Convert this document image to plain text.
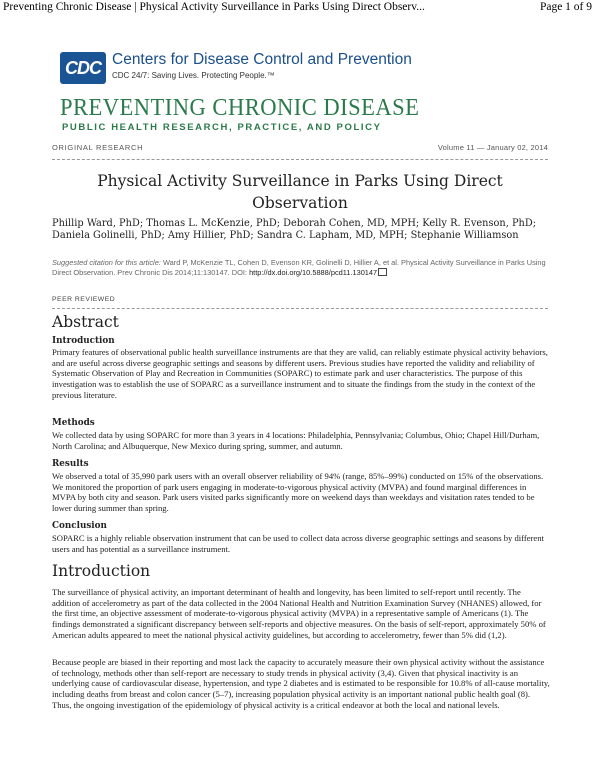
Preventing Chronic Disease | Physical Activity Surveillance in Parks Using Direct Observ...	Page 1 of 9
CDC Centers for Disease Control and Prevention
CDC 24/7: Saving Lives. Protecting People.™
PREVENTING CHRONIC DISEASE
PUBLIC HEALTH RESEARCH, PRACTICE, AND POLICY
ORIGINAL RESEARCH	Volume 11 — January 02, 2014
Physical Activity Surveillance in Parks Using Direct Observation
Phillip Ward, PhD; Thomas L. McKenzie, PhD; Deborah Cohen, MD, MPH; Kelly R. Evenson, PhD; Daniela Golinelli, PhD; Amy Hillier, PhD; Sandra C. Lapham, MD, MPH; Stephanie Williamson
Suggested citation for this article: Ward P, McKenzie TL, Cohen D, Evenson KR, Golinelli D, Hillier A, et al. Physical Activity Surveillance in Parks Using Direct Observation. Prev Chronic Dis 2014;11:130147. DOI: http://dx.doi.org/10.5888/pcd11.130147
PEER REVIEWED
Abstract
Introduction
Primary features of observational public health surveillance instruments are that they are valid, can reliably estimate physical activity behaviors, and are useful across diverse geographic settings and seasons by different users. Previous studies have reported the validity and reliability of Systematic Observation of Play and Recreation in Communities (SOPARC) to estimate park and user characteristics. The purpose of this investigation was to establish the use of SOPARC as a surveillance instrument and to situate the findings from the study in the context of the previous literature.
Methods
We collected data by using SOPARC for more than 3 years in 4 locations: Philadelphia, Pennsylvania; Columbus, Ohio; Chapel Hill/Durham, North Carolina; and Albuquerque, New Mexico during spring, summer, and autumn.
Results
We observed a total of 35,990 park users with an overall observer reliability of 94% (range, 85%–99%) conducted on 15% of the observations. We monitored the proportion of park users engaging in moderate-to-vigorous physical activity (MVPA) and found marginal differences in MVPA by both city and season. Park users visited parks significantly more on weekend days than weekdays and visitation rates tended to be lower during summer than spring.
Conclusion
SOPARC is a highly reliable observation instrument that can be used to collect data across diverse geographic settings and seasons by different users and has potential as a surveillance instrument.
Introduction
The surveillance of physical activity, an important determinant of health and longevity, has been limited to self-report until recently. The addition of accelerometry as part of the data collected in the 2004 National Health and Nutrition Examination Survey (NHANES) allowed, for the first time, an objective assessment of moderate-to-vigorous physical activity (MVPA) in a representative sample of Americans (1). The findings demonstrated a significant discrepancy between self-reports and objective measures. On the basis of self-report, approximately 50% of American adults appeared to meet the national physical activity guidelines, but according to accelerometry, fewer than 5% did (1,2).
Because people are biased in their reporting and most lack the capacity to accurately measure their own physical activity without the assistance of technology, methods other than self-report are necessary to study trends in physical activity (3,4). Given that physical inactivity is an underlying cause of cardiovascular disease, hypertension, and type 2 diabetes and is estimated to be responsible for 10.8% of all-cause mortality, including deaths from breast and colon cancer (5–7), increasing population physical activity is an important national public health goal (8). Thus, the ongoing investigation of the epidemiology of physical activity is a critical endeavor at both the local and national levels.
